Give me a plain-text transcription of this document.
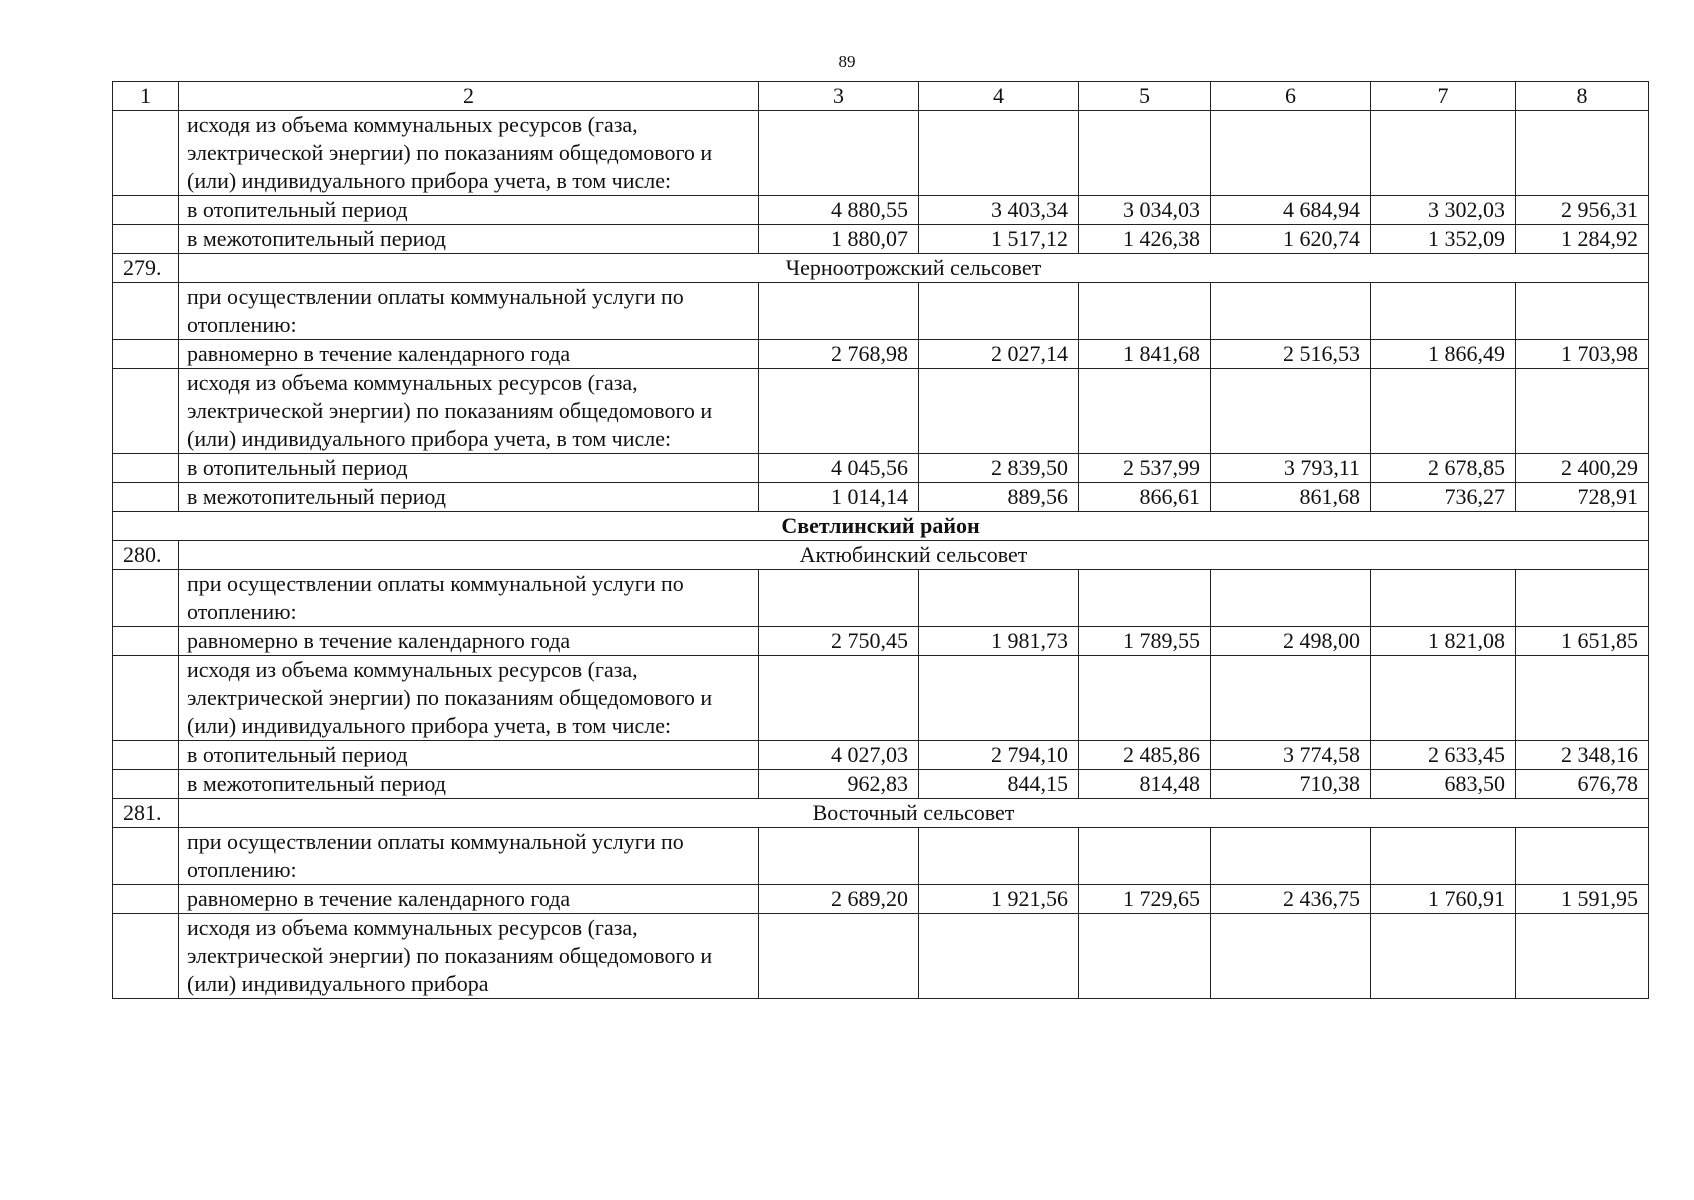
89
1	2	3	4	5	6	7	8
	исходя из объема коммунальных ресурсов (газа, электрической энергии) по показаниям общедомового и (или) индивидуального прибора учета, в том числе:						
	в отопительный период	4 880,55	3 403,34	3 034,03	4 684,94	3 302,03	2 956,31
	в межотопительный период	1 880,07	1 517,12	1 426,38	1 620,74	1 352,09	1 284,92
279.	Черноотрожский сельсовет						
	при осуществлении оплаты коммунальной услуги по отоплению:						
	равномерно в течение календарного года	2 768,98	2 027,14	1 841,68	2 516,53	1 866,49	1 703,98
	исходя из объема коммунальных ресурсов (газа, электрической энергии) по показаниям общедомового и (или) индивидуального прибора учета, в том числе:						
	в отопительный период	4 045,56	2 839,50	2 537,99	3 793,11	2 678,85	2 400,29
	в межотопительный период	1 014,14	889,56	866,61	861,68	736,27	728,91
Светлинский район							
280.	Актюбинский сельсовет						
	при осуществлении оплаты коммунальной услуги по отоплению:						
	равномерно в течение календарного года	2 750,45	1 981,73	1 789,55	2 498,00	1 821,08	1 651,85
	исходя из объема коммунальных ресурсов (газа, электрической энергии) по показаниям общедомового и (или) индивидуального прибора учета, в том числе:						
	в отопительный период	4 027,03	2 794,10	2 485,86	3 774,58	2 633,45	2 348,16
	в межотопительный период	962,83	844,15	814,48	710,38	683,50	676,78
281.	Восточный сельсовет						
	при осуществлении оплаты коммунальной услуги по отоплению:						
	равномерно в течение календарного года	2 689,20	1 921,56	1 729,65	2 436,75	1 760,91	1 591,95
	исходя из объема коммунальных ресурсов (газа, электрической энергии) по показаниям общедомового и (или) индивидуального прибора						
